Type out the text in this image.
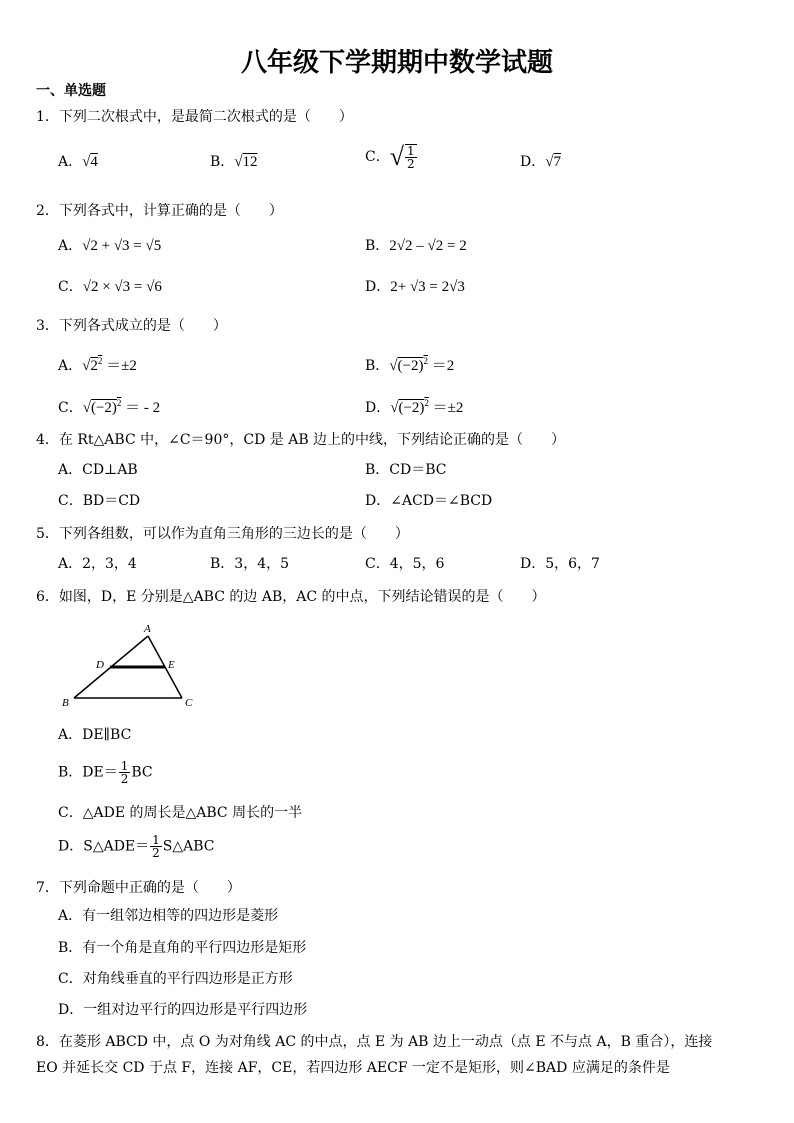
八年级下学期期中数学试题
一、单选题
1．下列二次根式中，是最简二次根式的是（　　）
A．√4	B．√12	C．√ $\frac{1}{2}$	D．√7
2．下列各式中，计算正确的是（　　）
A．√2 + √3 = √5	B．2√2 – √2 = 2
C．√2 × √3 = √6	D．2+ √3 = 2√3
3．下列各式成立的是（　　）
A．$√2^2 =\pm 2$	B．$√(-2)^2 =2$
C．$√(-2)^2$ ＝ - 2	D．$√(-2)^2 =\pm 2$
4．在 Rt△ABC 中，∠C＝90°，CD 是 AB 边上的中线，下列结论正确的是（　　）
A．CD⊥AB	B．CD＝BC
C．BD＝CD	D．∠ACD＝∠BCD
5．下列各组数，可以作为直角三角形的三边长的是（　　）
A．2，3，4	B．3，4，5	C．4，5，6	D．5，6，7
6．如图，D，E 分别是△ABC 的边 AB，AC 的中点，下列结论错误的是（　　）
A
D	E
B	C
A．DE∥BC
B．$DE= \frac{1}{2}$ BC
C．△ADE 的周长是△ABC 周长的一半
D．S△ADE＝ $\frac{1}{2}$ S△ABC
7．下列命题中正确的是（　　）
A．有一组邻边相等的四边形是菱形
B．有一个角是直角的平行四边形是矩形
C．对角线垂直的平行四边形是正方形
D．一组对边平行的四边形是平行四边形
8．在菱形 ABCD 中，点 O 为对角线 AC 的中点，点 E 为 AB 边上一动点（点 E 不与点 A，B 重合），连接
EO 并延长交 CD 于点 F，连接 AF，CE，若四边形 AECF 一定不是矩形，则∠BAD 应满足的条件是
